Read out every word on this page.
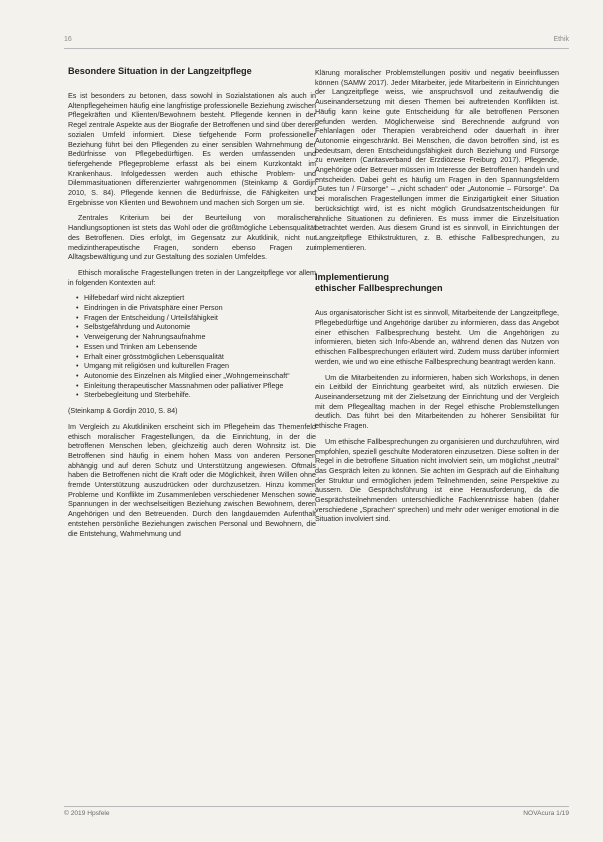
16	Ethik
Besondere Situation in der Langzeitpflege

Es ist besonders zu betonen, dass sowohl in Sozialstationen als auch in Altenpflegeheimen häufig eine langfristige professionelle Beziehung zwischen Pflegekräften und Klienten/Bewohnern besteht. Pflegende kennen in der Regel zentrale Aspekte aus der Biografie der Betroffenen und sind über deren sozialen Umfeld informiert. Diese tiefgehende Form professioneller Beziehung führt bei den Pflegenden zu einer sensiblen Wahrnehmung der Bedürfnisse von Pflegebedürftigen. Es werden umfassenden und tiefergehende Pflegeprobleme erfasst als bei einem Kurzkontakt im Krankenhaus. Infolgedessen werden auch ethische Problem- und Dilemmasituationen differenzierter wahrgenommen (Steinkamp & Gordijn 2010, S. 84). Pflegende kennen die Bedürfnisse, die Fähigkeiten und Ergebnisse von Klienten und Bewohnern und machen sich Sorgen um sie.

Zentrales Kriterium bei der Beurteilung von moralischen Handlungsoptionen ist stets das Wohl oder die größtmögliche Lebensqualität des Betroffenen. Dies erfolgt, im Gegensatz zur Akutklinik, nicht nur medizintherapeutische Fragen, sondern ebenso Fragen zur Alltagsbewältigung und zur Gestaltung des sozialen Umfeldes.

Ethisch moralische Fragestellungen treten in der Langzeitpflege vor allem in folgenden Kontexten auf:

• Hilfebedarf wird nicht akzeptiert
• Eindringen in die Privatsphäre einer Person
• Fragen der Entscheidung / Urteilsfähigkeit
• Selbstgefährdung und Autonomie
• Verweigerung der Nahrungsaufnahme
• Essen und Trinken am Lebensende
• Erhalt einer grösstmöglichen Lebensqualität
• Umgang mit religiösen und kulturellen Fragen
• Autonomie des Einzelnen als Mitglied einer „Wohngemeinschaft“
• Einleitung therapeutischer Massnahmen oder palliativer Pflege
• Sterbebegleitung und Sterbehilfe.

(Steinkamp & Gordijn 2010, S. 84)

Im Vergleich zu Akutkliniken erscheint sich im Pflegeheim das Themenfeld ethisch moralischer Fragestellungen, da die Einrichtung, in der die betroffenen Menschen leben, gleichzeitig auch deren Wohnsitz ist. Die Betroffenen sind häufig in einem hohen Mass von anderen Personen abhängig und auf deren Schutz und Unterstützung angewiesen. Oftmals haben die Betroffenen nicht die Kraft oder die Möglichkeit, ihren Willen ohne fremde Unterstützung auszudrücken oder durchzusetzen. Hinzu kommen Probleme und Konflikte im Zusammenleben verschiedener Menschen sowie Spannungen in der wechselseitigen Beziehung zwischen Bewohnern, deren Angehörigen und den Betreuenden. Durch den langdauernden Aufenthalt entstehen persönliche Beziehungen zwischen Personal und Bewohnern, die die Entstehung, Wahrnehmung und

Klärung moralischer Problemstellungen positiv und negativ beeinflussen können (SAMW 2017). Jeder Mitarbeiter, jede Mitarbeiterin in Einrichtungen der Langzeitpflege weiss, wie anspruchsvoll und zeitaufwendig die Auseinandersetzung mit diesen Themen bei auftretenden Konflikten ist. Häufig kann keine gute Entscheidung für alle betroffenen Personen gefunden werden. Möglicherweise sind Berechnende aufgrund von Fehlanlagen oder Therapien verabreichend oder dauerhaft in ihrer Autonomie eingeschränkt. Bei Menschen, die davon betroffen sind, ist es bedeutsam, deren Entscheidungsfähigkeit durch Beziehung und Fürsorge zu erweitern (Caritasverband der Erzdiözese Freiburg 2017). Pflegende, Angehörige oder Betreuer müssen im Interesse der Betroffenen handeln und entscheiden. Dabei geht es häufig um Fragen in den Spannungsfeldern „Gutes tun / Fürsorge“ – „nicht schaden“ oder „Autonomie – Fürsorge“. Da bei moralischen Fragestellungen immer die Einzigartigkeit einer Situation berücksichtigt wird, ist es nicht möglich Grundsatzentscheidungen für ähnliche Situationen zu definieren. Es muss immer die Einzelsituation betrachtet werden. Aus diesem Grund ist es sinnvoll, in Einrichtungen der Langzeitpflege Ethikstrukturen, z. B. ethische Fallbesprechungen, zu implementieren.

Implementierung
ethischer Fallbesprechungen

Aus organisatorischer Sicht ist es sinnvoll, Mitarbeitende der Langzeitpflege, Pflegebedürftige und Angehörige darüber zu informieren, dass das Angebot einer ethischen Fallbesprechung besteht. Um die Angehörigen zu informieren, bieten sich Info-Abende an, während denen das Nutzen von ethischen Fallbesprechungen erläutert wird. Zudem muss darüber informiert werden, wie und wo eine ethische Fallbesprechung beantragt werden kann.

Um die Mitarbeitenden zu informieren, haben sich Workshops, in denen ein Leitbild der Einrichtung gearbeitet wird, als nützlich erwiesen. Die Auseinandersetzung mit der Zielsetzung der Einrichtung und der Vergleich mit dem Pflegealltag machen in der Regel ethische Problemstellungen deutlich. Das führt bei den Mitarbeitenden zu höherer Sensibilität für ethische Fragen.

Um ethische Fallbesprechungen zu organisieren und durchzuführen, wird empfohlen, speziell geschulte Moderatoren einzusetzen. Diese sollten in der Regel in die betroffene Situation nicht involviert sein, um möglichst „neutral“ das Gespräch leiten zu können. Sie achten im Gespräch auf die Einhaltung der Struktur und ermöglichen jedem Teilnehmenden, seine Perspektive zu äussern. Die Gesprächsführung ist eine Herausforderung, da die Gesprächsteilnehmenden unterschiedliche Fachkenntnisse haben (daher verschiedene „Sprachen“ sprechen) und mehr oder weniger emotional in die Situation involviert sind.

© 2019 Hpsfele	NOVAcura 1/19
